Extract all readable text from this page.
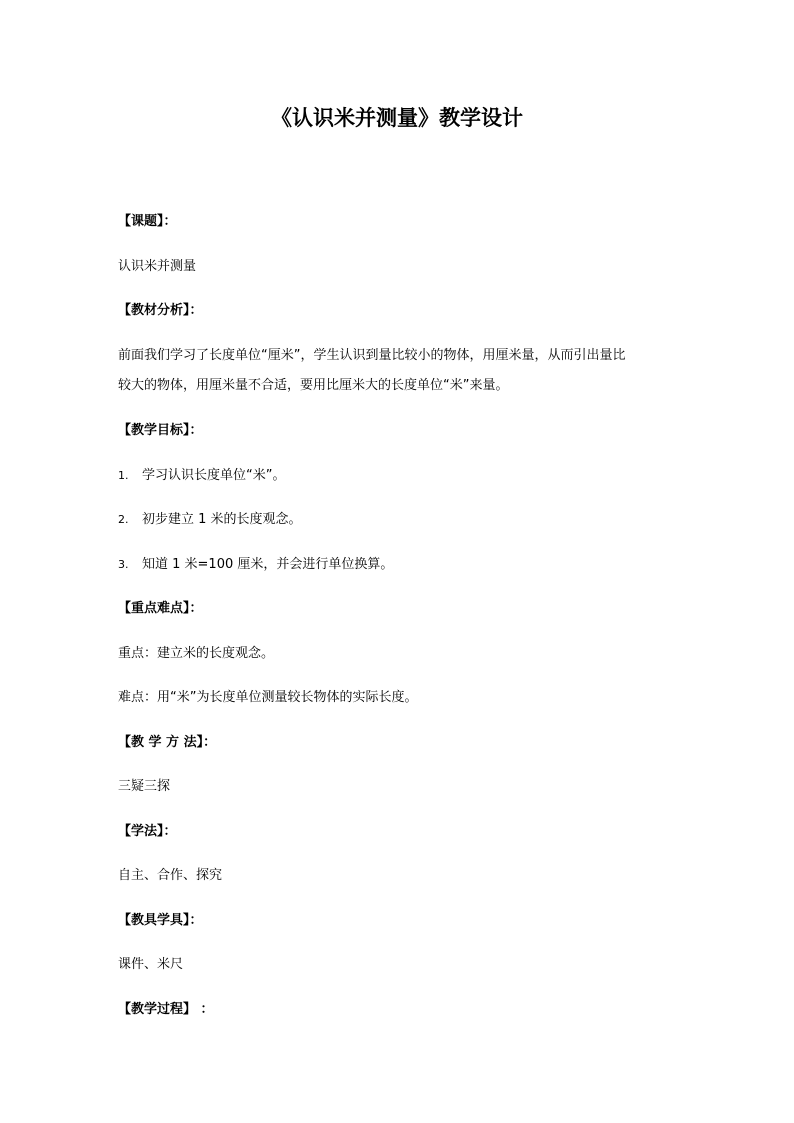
《认识米并测量》教学设计
【课题】：
认识米并测量
【教材分析】：
前面我们学习了长度单位“厘米”，学生认识到量比较小的物体，用厘米量，从而引出量比
较大的物体，用厘米量不合适，要用比厘米大的长度单位“米”来量。
【教学目标】：
1. 学习认识长度单位“米”。
2. 初步建立 1 米的长度观念。
3. 知道 1 米=100 厘米，并会进行单位换算。
【重点难点】：
重点：建立米的长度观念。
难点：用“米”为长度单位测量较长物体的实际长度。
【教 学 方 法】：
三疑三探
【学法】：
自主、合作、探究
【教具学具】：
课件、米尺
【教学过程】 ：
